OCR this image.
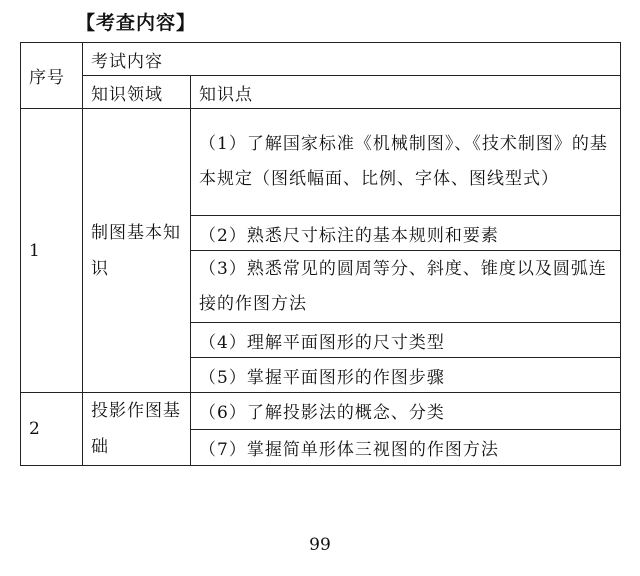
【考查内容】
序号	考试内容	
	知识领域	知识点
1	制图基本知识	（1）了解国家标准《机械制图》、《技术制图》的基本规定（图纸幅面、比例、字体、图线型式）
		（2）熟悉尺寸标注的基本规则和要素
		（3）熟悉常见的圆周等分、斜度、锥度以及圆弧连接的作图方法
		（4）理解平面图形的尺寸类型
		（5）掌握平面图形的作图步骤
2	投影作图基础	（6）了解投影法的概念、分类
		（7）掌握简单形体三视图的作图方法
99
